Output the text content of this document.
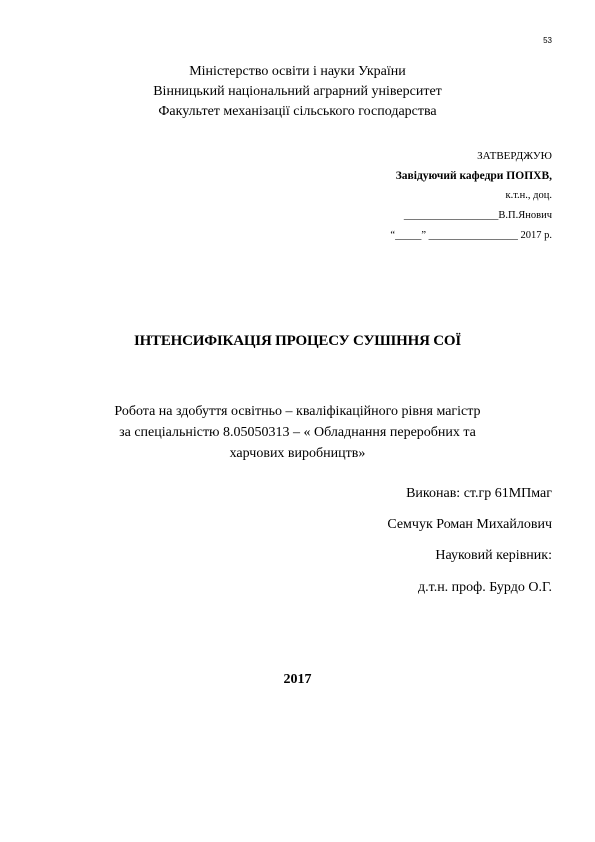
53
Міністерство освіти і науки України
Вінницький національний аграрний університет
Факультет механізації сільського господарства
ЗАТВЕРДЖУЮ
Завідуючий кафедри ПОПХВ,
к.т.н., доц.
__________________В.П.Янович
“_____” _________________ 2017 р.
ІНТЕНСИФІКАЦІЯ ПРОЦЕСУ СУШІННЯ СОЇ
Робота на здобуття освітньо – кваліфікаційного рівня магістр
за спеціальністю 8.05050313 – « Обладнання переробних та
харчових виробництв»
Виконав: ст.гр 61МПмаг
Семчук Роман Михайлович
Науковий керівник:
д.т.н. проф. Бурдо О.Г.
2017
